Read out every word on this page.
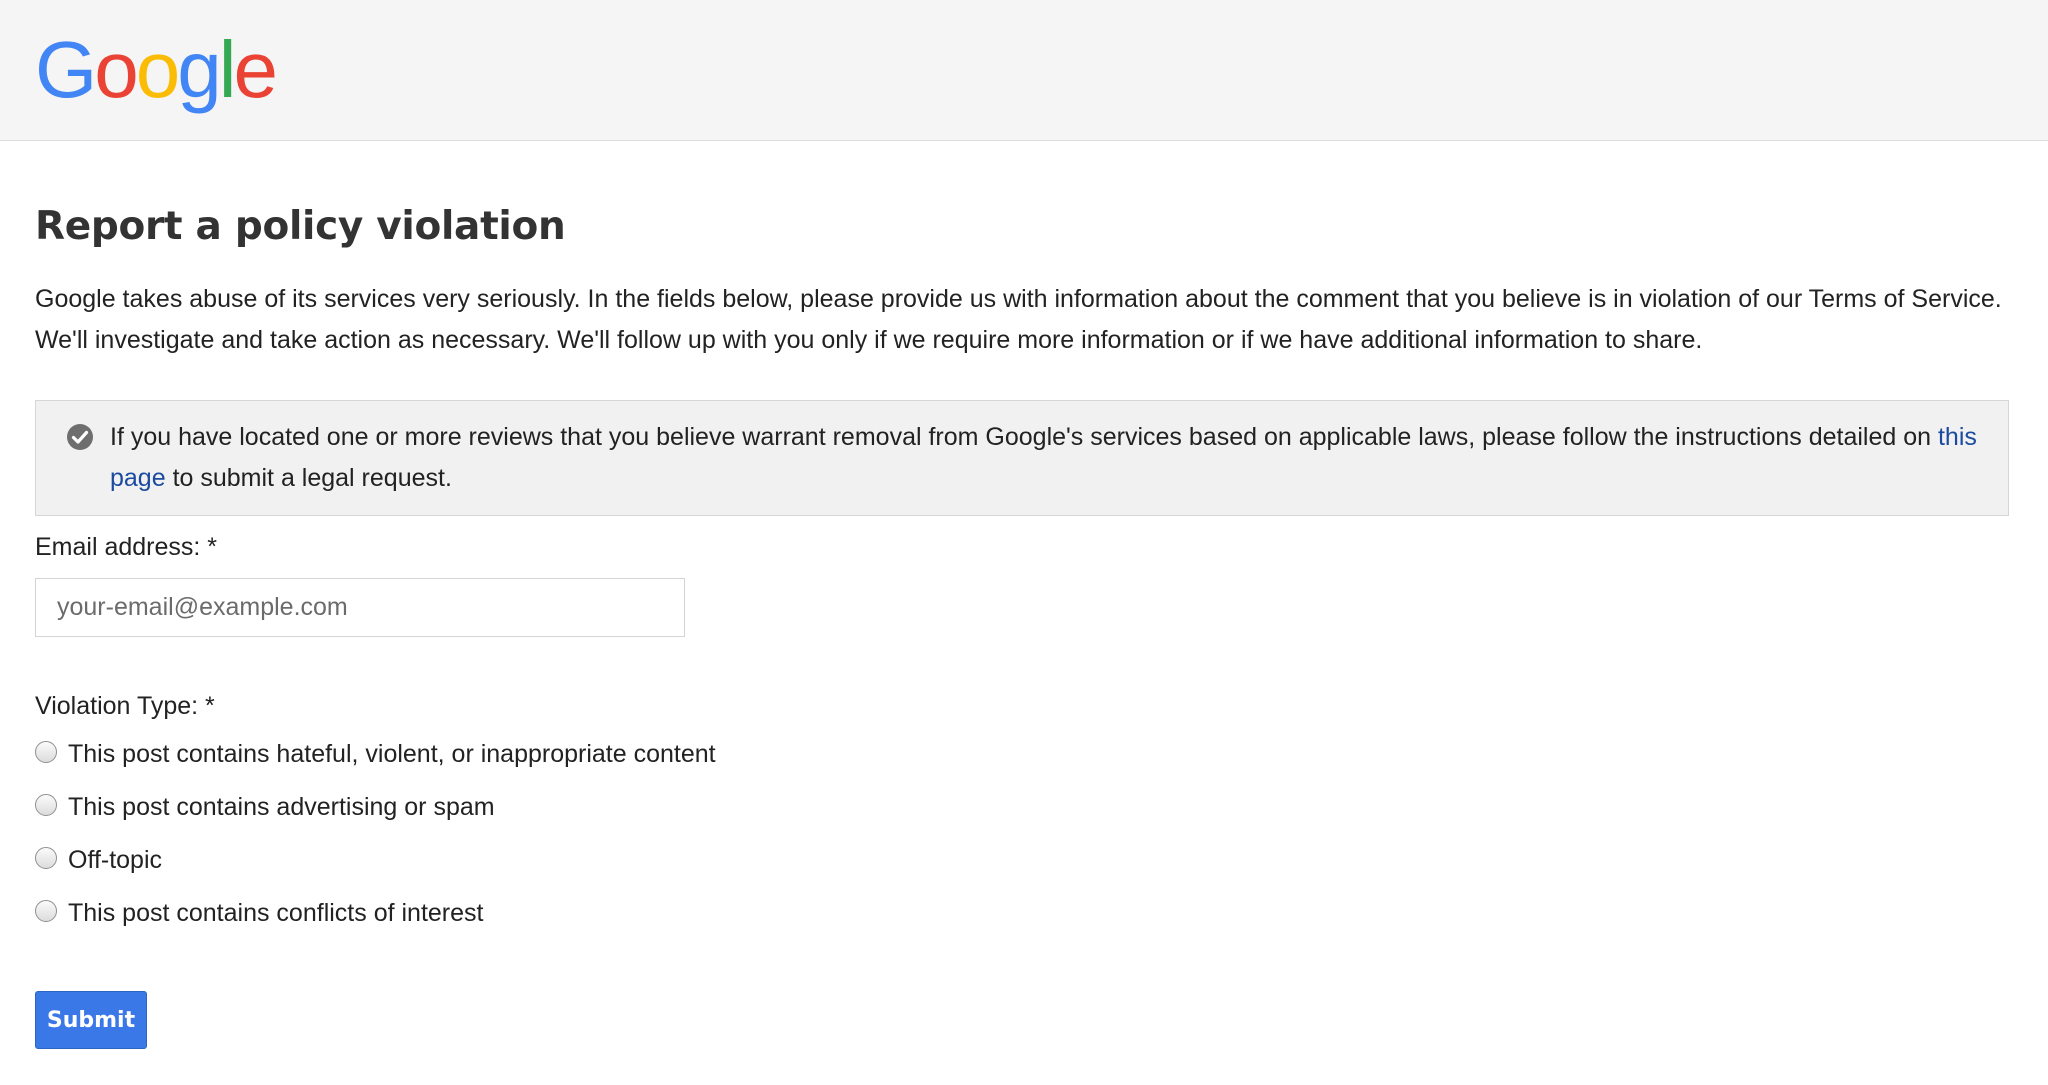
Google
Report a policy violation

Google takes abuse of its services very seriously. In the fields below, please provide us with information about the comment that you believe is in violation of our Terms of Service. We'll investigate and take action as necessary. We'll follow up with you only if we require more information or if we have additional information to share.

If you have located one or more reviews that you believe warrant removal from Google's services based on applicable laws, please follow the instructions detailed on this page to submit a legal request.

Email address: *
your-email@example.com
Violation Type: *
This post contains hateful, violent, or inappropriate content
This post contains advertising or spam
Off-topic
This post contains conflicts of interest
Submit
